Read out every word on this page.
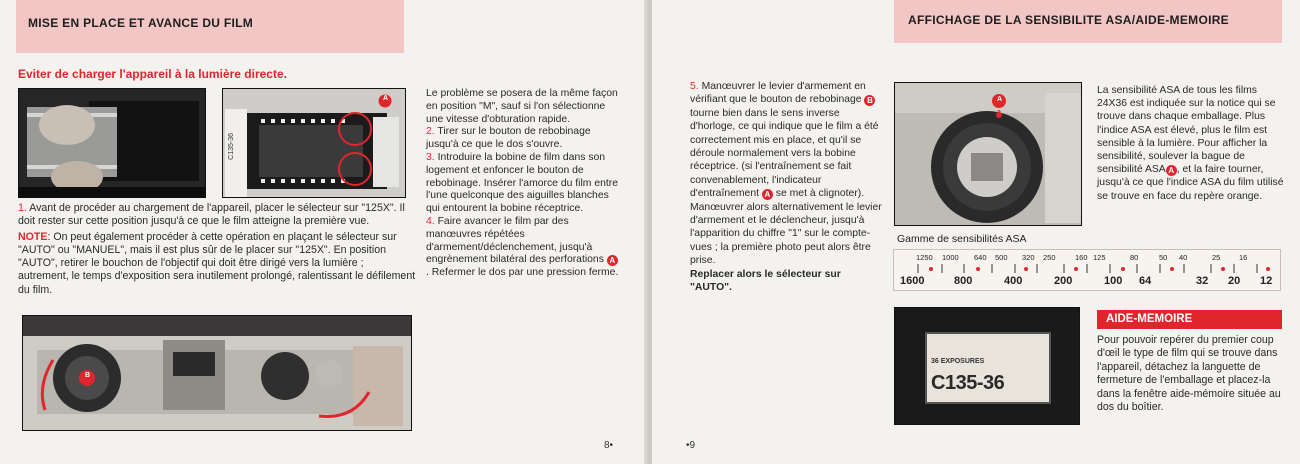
MISE EN PLACE ET AVANCE DU FILM
Eviter de charger l'appareil à la lumière directe.
C135-36
A

1. Avant de procéder au chargement de l'appareil, placer le sélecteur sur "125X". Il doit rester sur cette position jusqu'à ce que le film atteigne la première vue.

NOTE: On peut également procéder à cette opération en plaçant le sélecteur sur "AUTO" ou "MANUEL", mais il est plus sûr de le placer sur "125X". En position "AUTO", retirer le bouchon de l'objectif qui doit être dirigé vers la lumière ; autrement, le temps d'exposition sera inutilement prolongé, ralentissant le défilement du film.

B

Le problème se posera de la même façon en position "M", sauf si l'on sélectionne une vitesse d'obturation rapide.

2. Tirer sur le bouton de rebobinage jusqu'à ce que le dos s'ouvre.

3. Introduire la bobine de film dans son logement et enfoncer le bouton de rebobinage. Insérer l'amorce du film entre l'une quelconque des aiguilles blanches qui entourent la bobine réceptrice.

4. Faire avancer le film par des manœuvres répétées d'armement/déclenchement, jusqu'à engrènement bilatéral des perforations A. Refermer le dos par une pression ferme.

8•
AFFICHAGE DE LA SENSIBILITE ASA/AIDE-MEMOIRE

5. Manœuvrer le levier d'armement en vérifiant que le bouton de rebobinage B tourne bien dans le sens inverse d'horloge, ce qui indique que le film a été correctement mis en place, et qu'il se déroule normalement vers la bobine réceptrice. (si l'entraînement se fait convenablement, l'indicateur d'entraînement A se met à clignoter). Manœuvrer alors alternativement le levier d'armement et le déclencheur, jusqu'à l'apparition du chiffre "1" sur le compte-vues ; la première photo peut alors être prise.

Replacer alors le sélecteur sur "AUTO".

A
a

La sensibilité ASA de tous les films 24X36 est indiquée sur la notice qui se trouve dans chaque emballage. Plus l'indice ASA est élevé, plus le film est sensible à la lumière. Pour afficher la sensibilité, soulever la bague de sensibilité ASA A , et la faire tourner, jusqu'à ce que l'indice ASA du film utilisé se trouve en face du repère orange.

Gamme de sensibilités ASA
1250 1000 640 500 320 250	160 125	80	50 40	25 16
1600	800	400	200	100 64	32 20 12
36 EXPOSURES
C135-36
AIDE-MEMOIRE
Pour pouvoir repérer du premier coup d'œil le type de film qui se trouve dans l'appareil, détachez la languette de fermeture de l'emballage et placez-la dans la fenêtre aide-mémoire située au dos du boîtier.
•9
